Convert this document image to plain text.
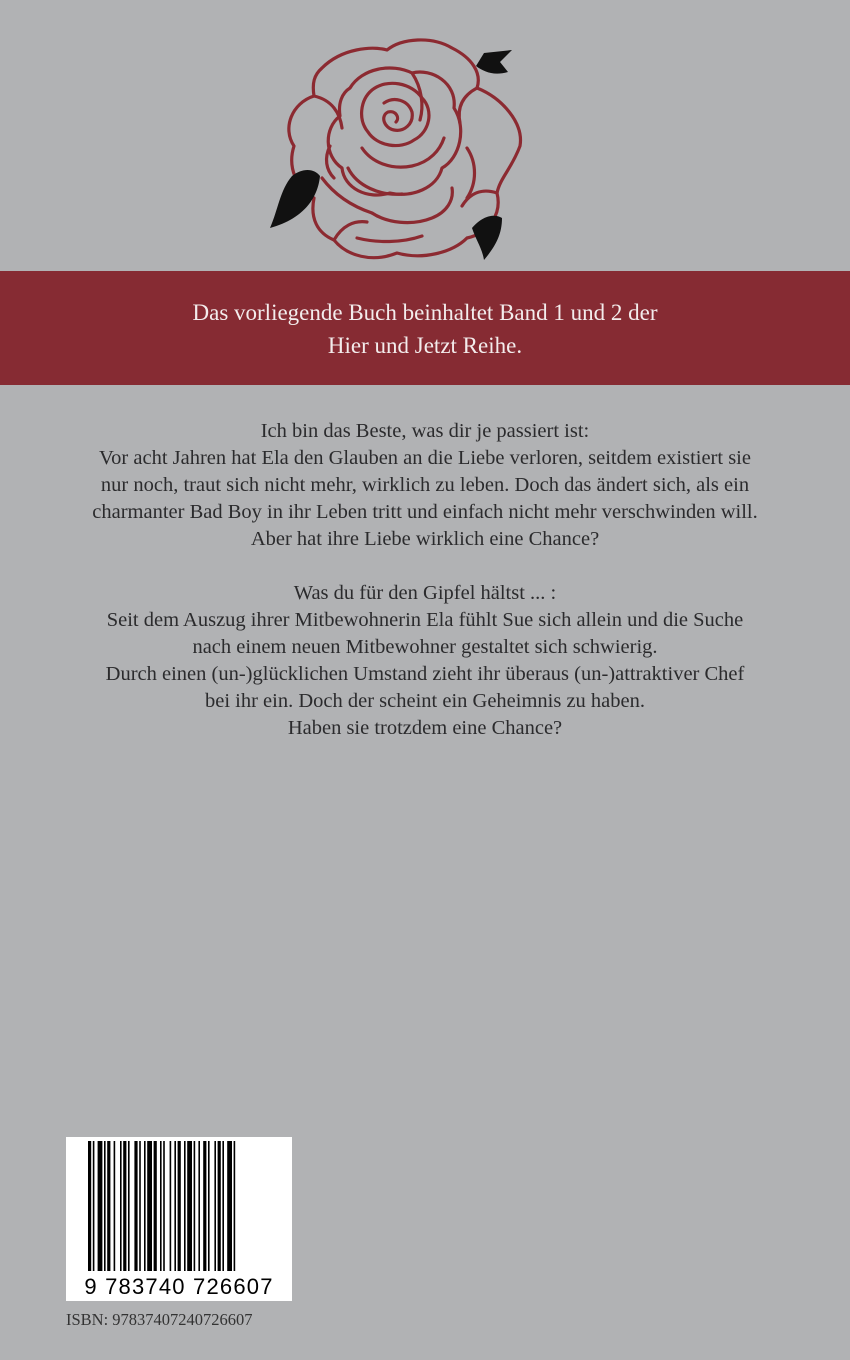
Das vorliegende Buch beinhaltet Band 1 und 2 der
Hier und Jetzt Reihe.

Ich bin das Beste, was dir je passiert ist:

Vor acht Jahren hat Ela den Glauben an die Liebe verloren, seitdem existiert sie

nur noch, traut sich nicht mehr, wirklich zu leben. Doch das ändert sich, als ein

charmanter Bad Boy in ihr Leben tritt und einfach nicht mehr verschwinden will.

Aber hat ihre Liebe wirklich eine Chance?

Was du für den Gipfel hältst ... :

Seit dem Auszug ihrer Mitbewohnerin Ela fühlt Sue sich allein und die Suche

nach einem neuen Mitbewohner gestaltet sich schwierig.

Durch einen (un-)glücklichen Umstand zieht ihr überaus (un-)attraktiver Chef

bei ihr ein. Doch der scheint ein Geheimnis zu haben.

Haben sie trotzdem eine Chance?

9 783740 726607
ISBN: 97837407240726607
